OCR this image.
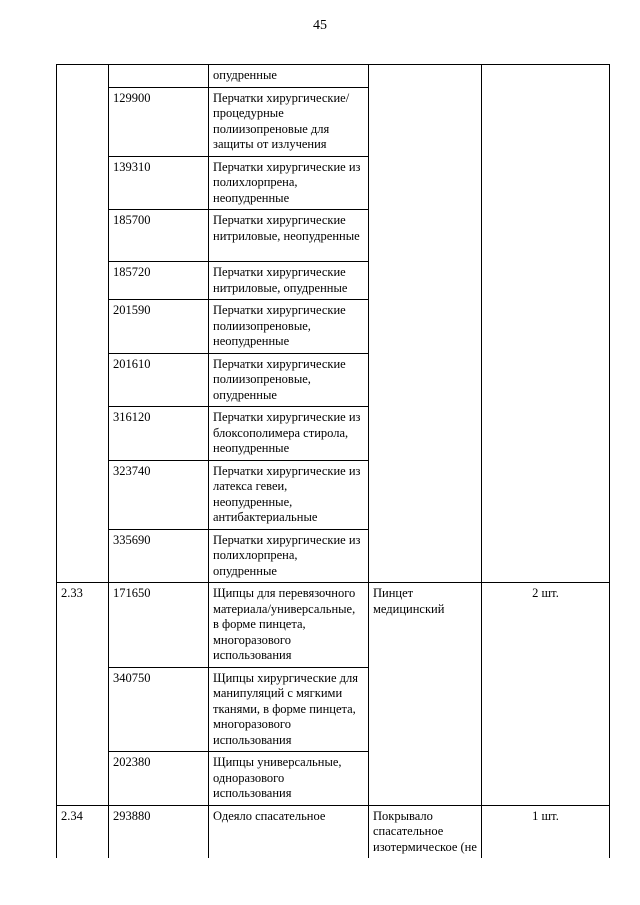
45
		опудренные		
	129900	Перчатки хирургические/процедурные полиизопреновые для защиты от излучения		
	139310	Перчатки хирургические из полихлорпрена, неопудренные		
	185700	Перчатки хирургические нитриловые, неопудренные		
	185720	Перчатки хирургические нитриловые, опудренные		
	201590	Перчатки хирургические полиизопреновые, неопудренные		
	201610	Перчатки хирургические полиизопреновые, опудренные		
	316120	Перчатки хирургические из блоксополимера стирола, неопудренные		
	323740	Перчатки хирургические из латекса гевеи, неопудренные, антибактериальные		
	335690	Перчатки хирургические из полихлорпрена, опудренные		
2.33	171650	Щипцы для перевязочного материала/универсальные, в форме пинцета, многоразового использования	Пинцет медицинский	2 шт.
	340750	Щипцы хирургические для манипуляций с мягкими тканями, в форме пинцета, многоразового использования		
	202380	Щипцы универсальные, одноразового использования		
2.34	293880	Одеяло спасательное	Покрывало спасательное изотермическое (не	1 шт.
